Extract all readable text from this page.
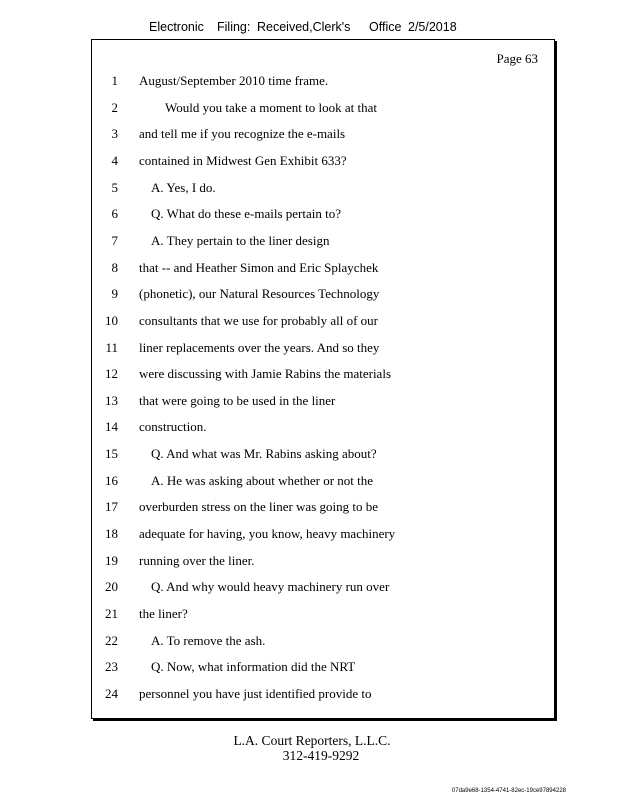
Electronic Filing: Received,Clerk's Office 2/5/2018
Page 63
1 August/September 2010 time frame.
2	Would you take a moment to look at that
3 and tell me if you recognize the e-mails
4 contained in Midwest Gen Exhibit 633?
5	A. Yes, I do.
6	Q. What do these e-mails pertain to?
7	A. They pertain to the liner design
8 that -- and Heather Simon and Eric Splaychek
9 (phonetic), our Natural Resources Technology
10 consultants that we use for probably all of our
11 liner replacements over the years. And so they
12 were discussing with Jamie Rabins the materials
13 that were going to be used in the liner
14 construction.
15	Q. And what was Mr. Rabins asking about?
16	A. He was asking about whether or not the
17 overburden stress on the liner was going to be
18 adequate for having, you know, heavy machinery
19 running over the liner.
20	Q. And why would heavy machinery run over
21 the liner?
22	A. To remove the ash.
23	Q. Now, what information did the NRT
24 personnel you have just identified provide to
L.A. Court Reporters, L.L.C.
312-419-9292
07da9e68-1354-4741-82ec-19ce97894228
